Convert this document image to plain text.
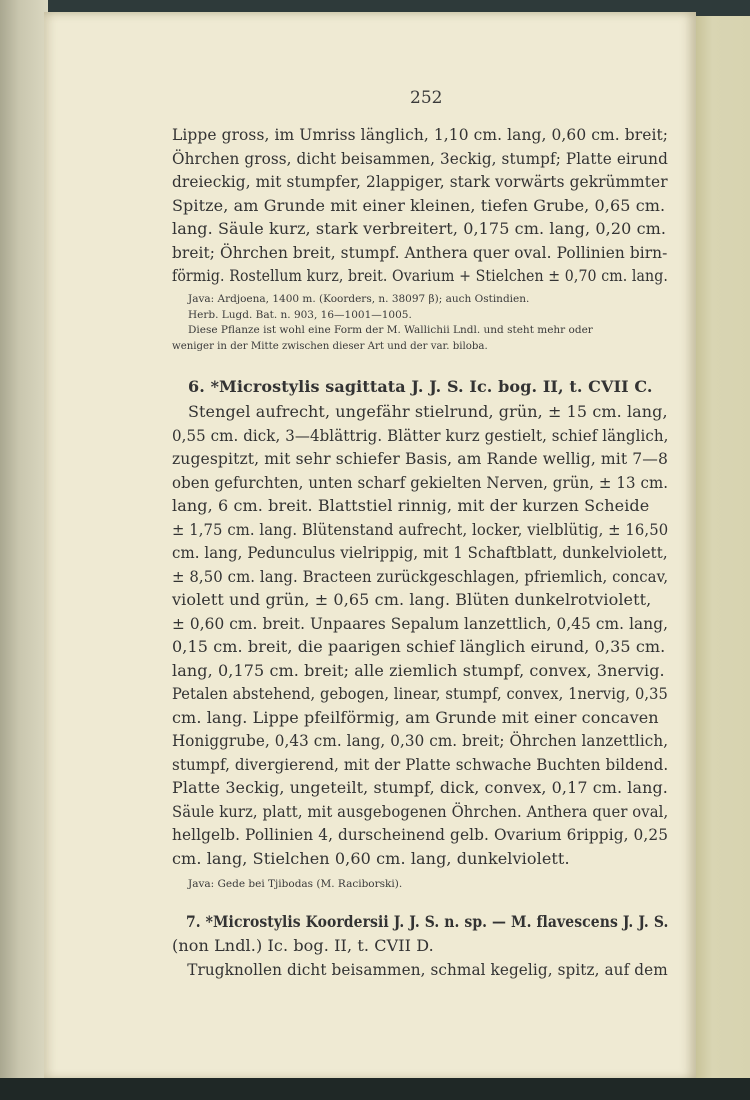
252
Lippe gross, im Umriss länglich, 1,10 cm. lang, 0,60 cm. breit;
Öhrchen gross, dicht beisammen, 3eckig, stumpf; Platte eirund
dreieckig, mit stumpfer, 2lappiger, stark vorwärts gekrümmter
Spitze, am Grunde mit einer kleinen, tiefen Grube, 0,65 cm.
lang. Säule kurz, stark verbreitert, 0,175 cm. lang, 0,20 cm.
breit; Öhrchen breit, stumpf. Anthera quer oval. Pollinien birn-
förmig. Rostellum kurz, breit. Ovarium + Stielchen ± 0,70 cm. lang.
Java: Ardjoena, 1400 m. (Koorders, n. 38097 β); auch Ostindien.
Herb. Lugd. Bat. n. 903, 16—1001—1005.
Diese Pflanze ist wohl eine Form der M. Wallichii Lndl. und steht mehr oder
weniger in der Mitte zwischen dieser Art und der var. biloba.
6. *Microstylis sagittata J. J. S. Ic. bog. II, t. CVII C.
Stengel aufrecht, ungefähr stielrund, grün, ± 15 cm. lang,
0,55 cm. dick, 3—4blättrig. Blätter kurz gestielt, schief länglich,
zugespitzt, mit sehr schiefer Basis, am Rande wellig, mit 7—8
oben gefurchten, unten scharf gekielten Nerven, grün, ± 13 cm.
lang, 6 cm. breit. Blattstiel rinnig, mit der kurzen Scheide
± 1,75 cm. lang. Blütenstand aufrecht, locker, vielblütig, ± 16,50
cm. lang, Pedunculus vielrippig, mit 1 Schaftblatt, dunkelviolett,
± 8,50 cm. lang. Bracteen zurückgeschlagen, pfriemlich, concav,
violett und grün, ± 0,65 cm. lang. Blüten dunkelrotviolett,
± 0,60 cm. breit. Unpaares Sepalum lanzettlich, 0,45 cm. lang,
0,15 cm. breit, die paarigen schief länglich eirund, 0,35 cm.
lang, 0,175 cm. breit; alle ziemlich stumpf, convex, 3nervig.
Petalen abstehend, gebogen, linear, stumpf, convex, 1nervig, 0,35
cm. lang. Lippe pfeilförmig, am Grunde mit einer concaven
Honiggrube, 0,43 cm. lang, 0,30 cm. breit; Öhrchen lanzettlich,
stumpf, divergierend, mit der Platte schwache Buchten bildend.
Platte 3eckig, ungeteilt, stumpf, dick, convex, 0,17 cm. lang.
Säule kurz, platt, mit ausgebogenen Öhrchen. Anthera quer oval,
hellgelb. Pollinien 4, durscheinend gelb. Ovarium 6rippig, 0,25
cm. lang, Stielchen 0,60 cm. lang, dunkelviolett.
Java: Gede bei Tjibodas (M. Raciborski).
7. *Microstylis Koordersii J. J. S. n. sp. — M. flavescens J. J. S.
(non Lndl.) Ic. bog. II, t. CVII D.
Trugknollen dicht beisammen, schmal kegelig, spitz, auf dem
